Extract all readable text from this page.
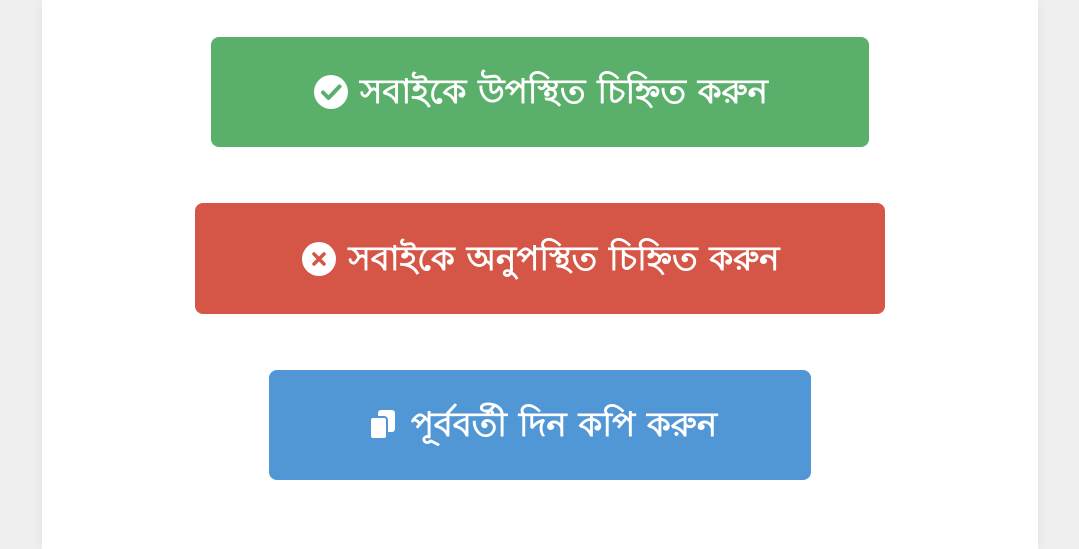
সবাইকে উপস্থিত চিহ্নিত করুন
সবাইকে অনুপস্থিত চিহ্নিত করুন
পূর্ববর্তী দিন কপি করুন
